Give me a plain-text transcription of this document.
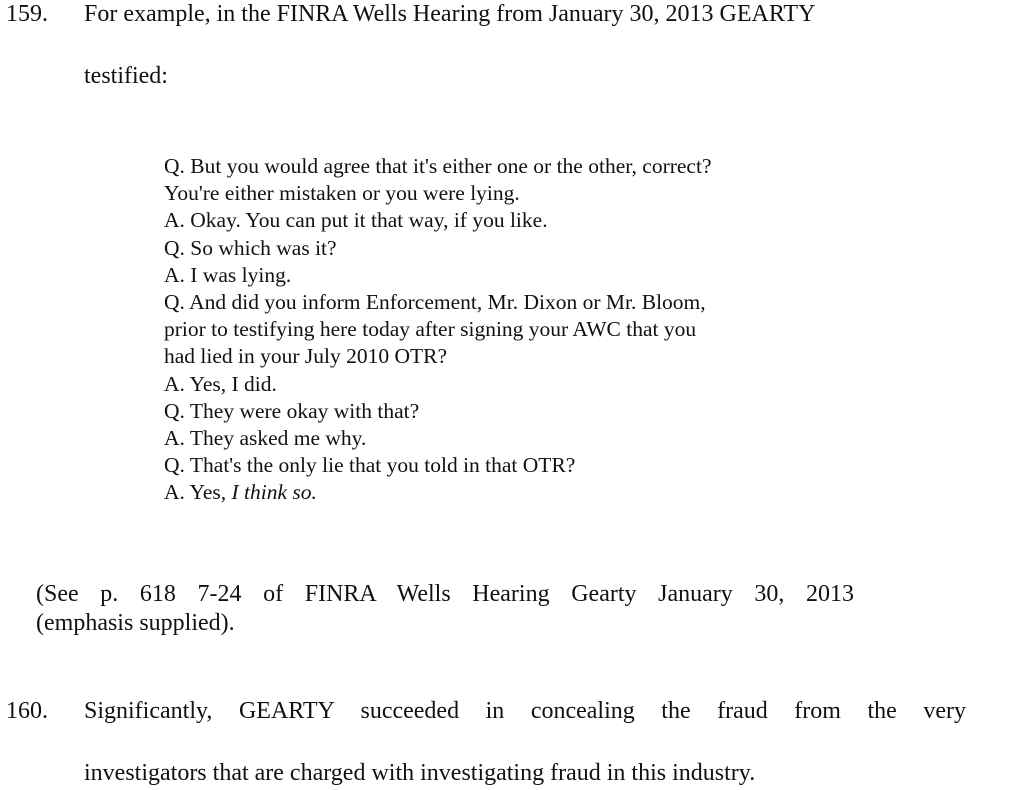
159. For example, in the FINRA Wells Hearing from January 30, 2013 GEARTY
testified:
Q. But you would agree that it's either one or the other, correct?
You're either mistaken or you were lying.
A. Okay. You can put it that way, if you like.
Q. So which was it?
A. I was lying.
Q. And did you inform Enforcement, Mr. Dixon or Mr. Bloom,
prior to testifying here today after signing your AWC that you
had lied in your July 2010 OTR?
A. Yes, I did.
Q. They were okay with that?
A. They asked me why.
Q. That's the only lie that you told in that OTR?
A. Yes, I think so.
(See p. 618 7-24 of FINRA Wells Hearing Gearty January 30, 2013
(emphasis supplied).
160. Significantly, GEARTY succeeded in concealing the fraud from the very
investigators that are charged with investigating fraud in this industry.
